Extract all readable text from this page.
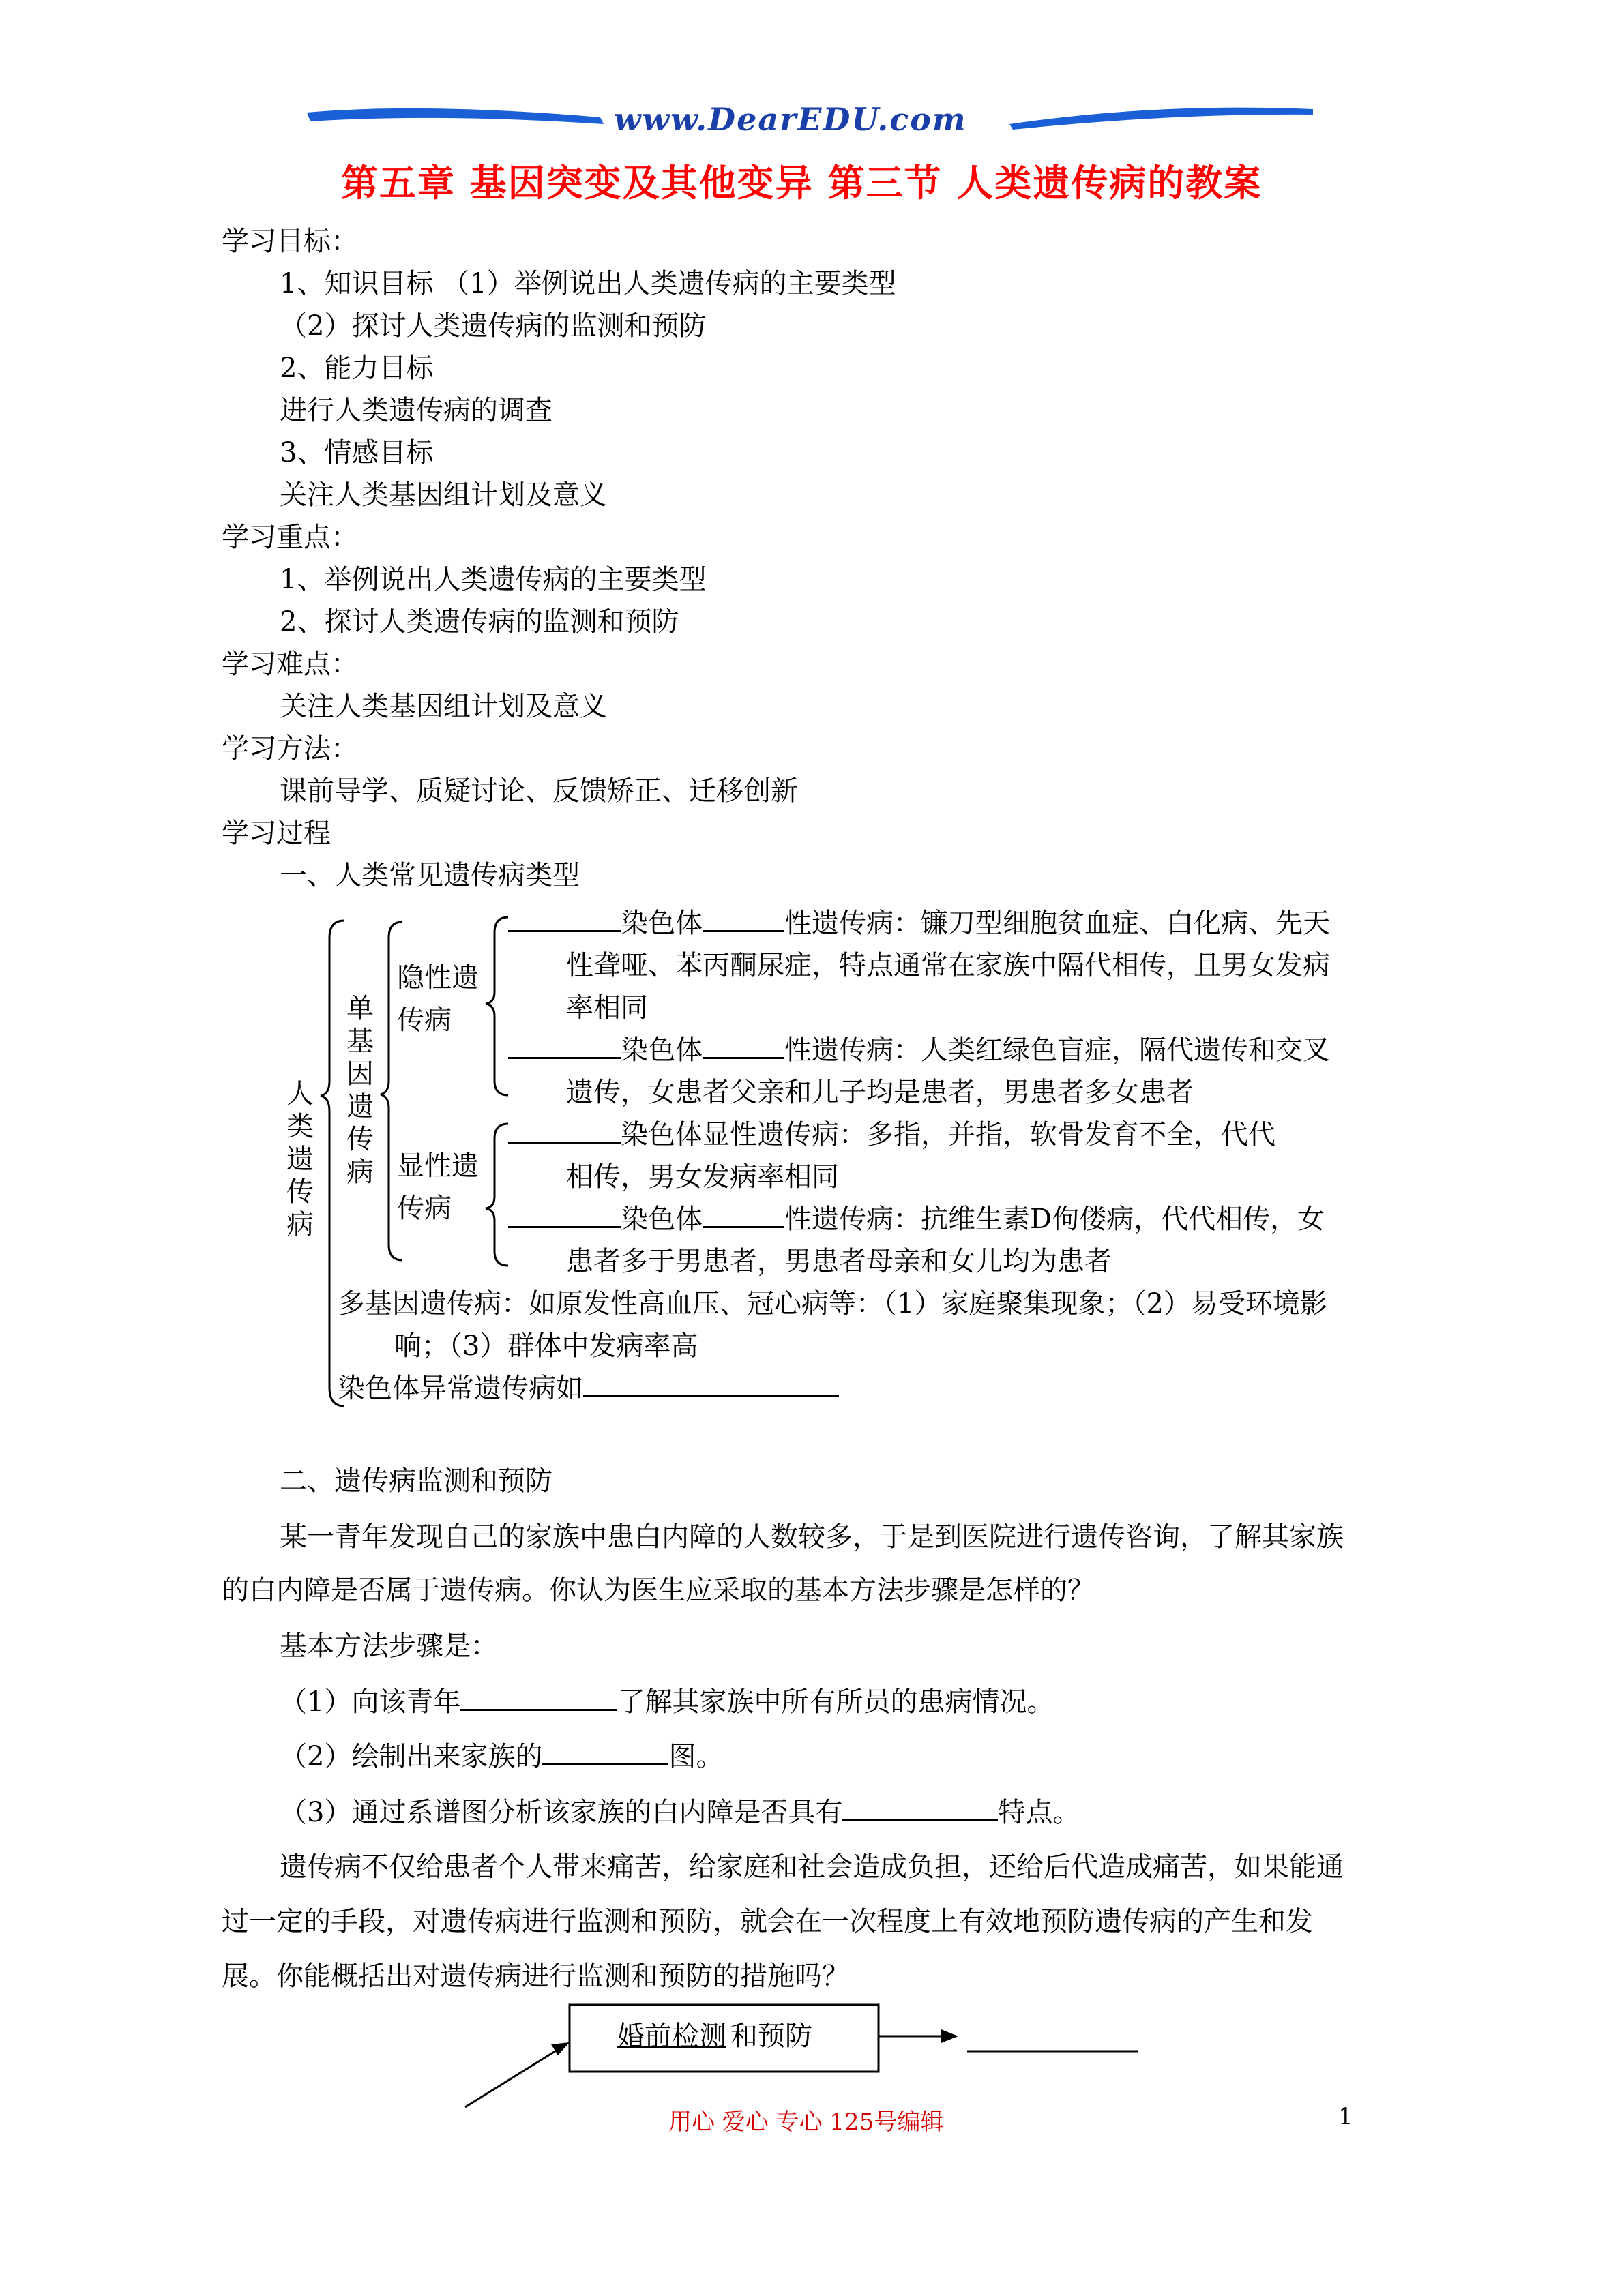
www.DearEDU.com
第五章 基因突变及其他变异 第三节 人类遗传病的教案
学习目标：
1、知识目标 （1）举例说出人类遗传病的主要类型
（2）探讨人类遗传病的监测和预防
2、能力目标
进行人类遗传病的调查
3、情感目标
关注人类基因组计划及意义
学习重点：
1、举例说出人类遗传病的主要类型
2、探讨人类遗传病的监测和预防
学习难点：
关注人类基因组计划及意义
学习方法：
课前导学、质疑讨论、反馈矫正、迁移创新
学习过程
一、人类常见遗传病类型
人类遗传病
单基因遗传病
隐性遗
传病
显性遗
传病
染色体	性遗传病：镰刀型细胞贫血症、白化病、先天
性聋哑、苯丙酮尿症，特点通常在家族中隔代相传，且男女发病
率相同
染色体	性遗传病：人类红绿色盲症，隔代遗传和交叉
遗传，女患者父亲和儿子均是患者，男患者多女患者
染色体显性遗传病：多指，并指，软骨发育不全，代代
相传，男女发病率相同
染色体	性遗传病：抗维生素D佝偻病，代代相传，女
患者多于男患者，男患者母亲和女儿均为患者
多基因遗传病：如原发性高血压、冠心病等：（1）家庭聚集现象；（2）易受环境影
响；（3）群体中发病率高
染色体异常遗传病如
二、遗传病监测和预防
某一青年发现自己的家族中患白内障的人数较多，于是到医院进行遗传咨询，了解其家族
的白内障是否属于遗传病。你认为医生应采取的基本方法步骤是怎样的？
基本方法步骤是：
（1）向该青年	了解其家族中所有所员的患病情况。
（2）绘制出来家族的	图。
（3）通过系谱图分析该家族的白内障是否具有	特点。
遗传病不仅给患者个人带来痛苦，给家庭和社会造成负担，还给后代造成痛苦，如果能通
过一定的手段，对遗传病进行监测和预防，就会在一次程度上有效地预防遗传病的产生和发
展。你能概括出对遗传病进行监测和预防的措施吗？
婚前检测 和预防
用心 爱心 专心 125号编辑	1
